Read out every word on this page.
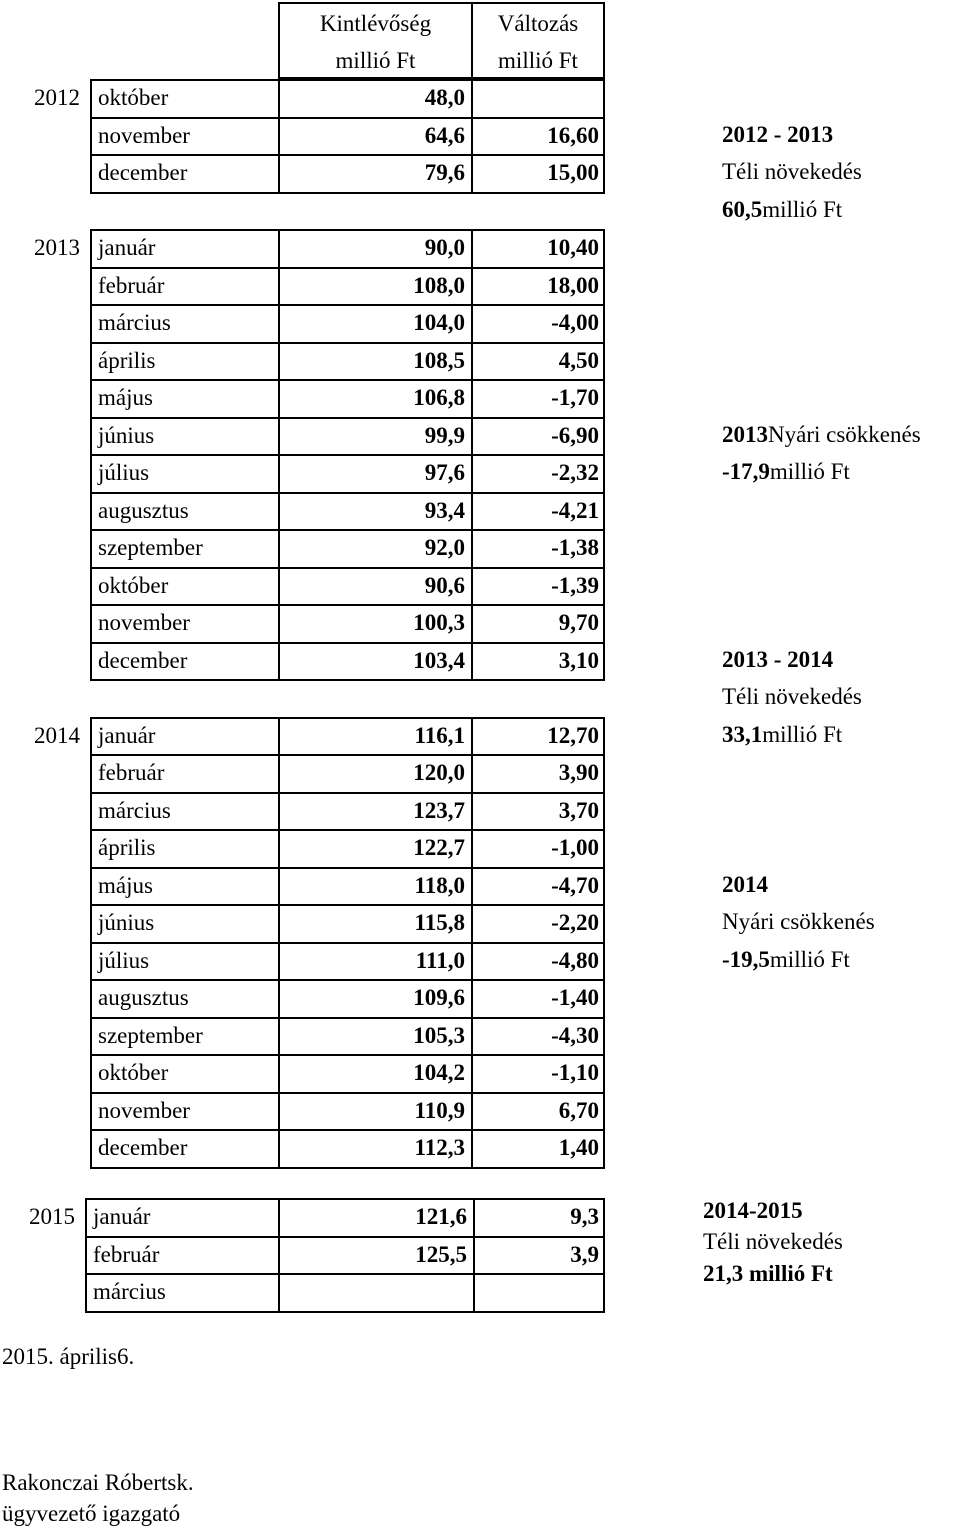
Kintlévőség
millió Ft
Változás
millió Ft
2012 október	48,0
november	64,6	16,60
december	79,6	15,00
2013 január	90,0	10,40
február	108,0	18,00
március	104,0	-4,00
április	108,5	4,50
május	106,8	-1,70
június	99,9	-6,90
július	97,6	-2,32
augusztus	93,4	-4,21
szeptember	92,0	-1,38
október	90,6	-1,39
november	100,3	9,70
december	103,4	3,10
2014 január	116,1	12,70
február	120,0	3,90
március	123,7	3,70
április	122,7	-1,00
május	118,0	-4,70
június	115,8	-2,20
július	111,0	-4,80
augusztus	109,6	-1,40
szeptember	105,3	-4,30
október	104,2	-1,10
november	110,9	6,70
december	112,3	1,40
2015 január	121,6	9,3
február	125,5	3,9
március
2012 - 2013
Téli növekedés
60,5millió Ft
2013Nyári csökkenés
-17,9millió Ft
2013 - 2014
Téli növekedés
33,1millió Ft
2014
Nyári csökkenés
-19,5millió Ft
2014-2015
Téli növekedés
21,3 millió Ft
2015. április6.
Rakonczai Róbertsk.
ügyvezető igazgató
